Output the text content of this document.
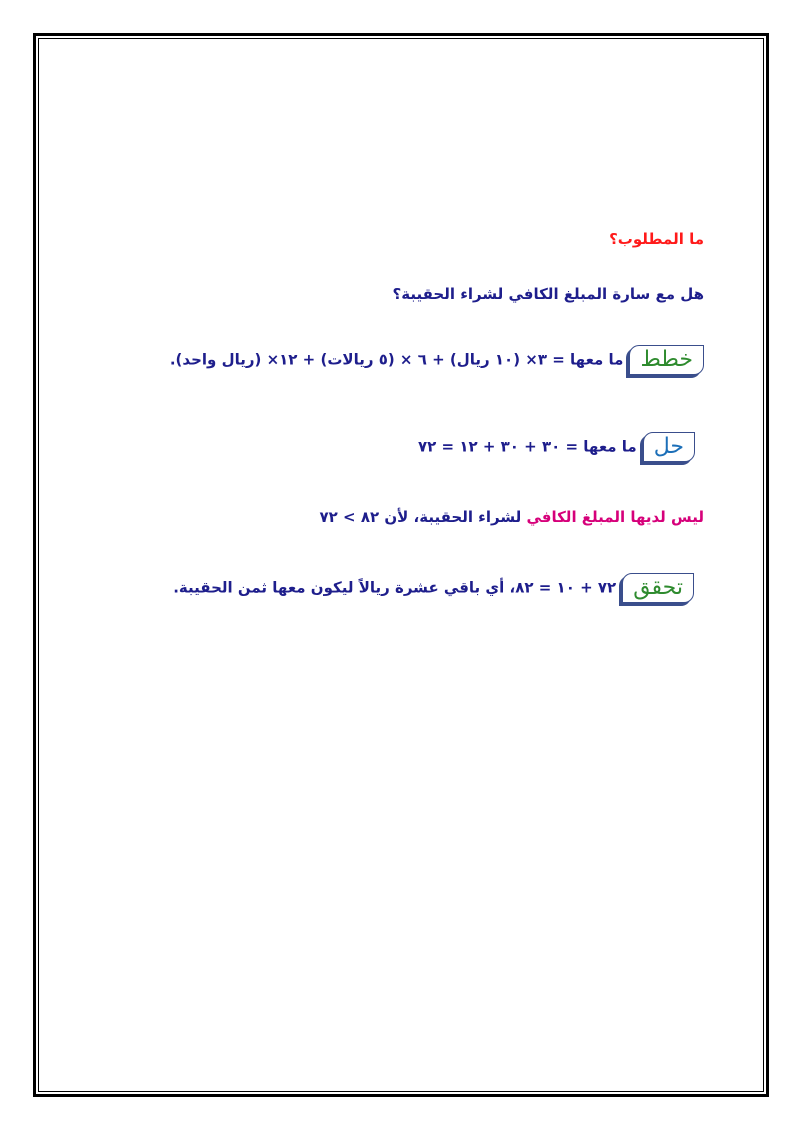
ما المطلوب؟
هل مع سارة المبلغ الكافي لشراء الحقيبة؟
خططما معها = ٣× (١٠ ريال) + ٦ × (٥ ريالات) + ١٢× (ريال واحد).
حلما معها = ٣٠ + ٣٠ + ١٢ = ٧٢
ليس لديها المبلغ الكافي لشراء الحقيبة، لأن ٨٢ > ٧٢
تحقق٧٢ + ١٠ = ٨٢، أي باقي عشرة ريالاً ليكون معها ثمن الحقيبة.
